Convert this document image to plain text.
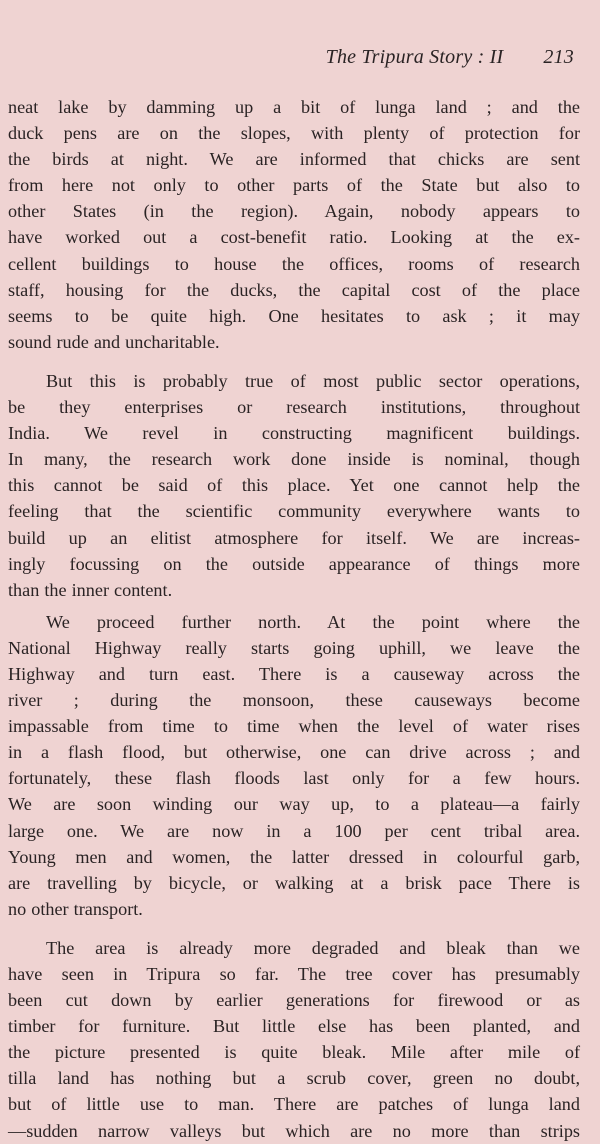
The Tripura Story : II 213
neat lake by damming up a bit of lunga land ; and the
duck pens are on the slopes, with plenty of protection for
the birds at night. We are informed that chicks are sent
from here not only to other parts of the State but also to
other States (in the region). Again, nobody appears to
have worked out a cost-benefit ratio. Looking at the ex-
cellent buildings to house the offices, rooms of research
staff, housing for the ducks, the capital cost of the place
seems to be quite high. One hesitates to ask ; it may
sound rude and uncharitable.
But this is probably true of most public sector operations,
be they enterprises or research institutions, throughout
India. We revel in constructing magnificent buildings.
In many, the research work done inside is nominal, though
this cannot be said of this place. Yet one cannot help the
feeling that the scientific community everywhere wants to
build up an elitist atmosphere for itself. We are increas-
ingly focussing on the outside appearance of things more
than the inner content.
We proceed further north. At the point where the
National Highway really starts going uphill, we leave the
Highway and turn east. There is a causeway across the
river ; during the monsoon, these causeways become
impassable from time to time when the level of water rises
in a flash flood, but otherwise, one can drive across ; and
fortunately, these flash floods last only for a few hours.
We are soon winding our way up, to a plateau—a fairly
large one. We are now in a 100 per cent tribal area.
Young men and women, the latter dressed in colourful garb,
are travelling by bicycle, or walking at a brisk pace There is
no other transport.
The area is already more degraded and bleak than we
have seen in Tripura so far. The tree cover has presumably
been cut down by earlier generations for firewood or as
timber for furniture. But little else has been planted, and
the picture presented is quite bleak. Mile after mile of
tilla land has nothing but a scrub cover, green no doubt,
but of little use to man. There are patches of lunga land
—sudden narrow valleys but which are no more than strips
